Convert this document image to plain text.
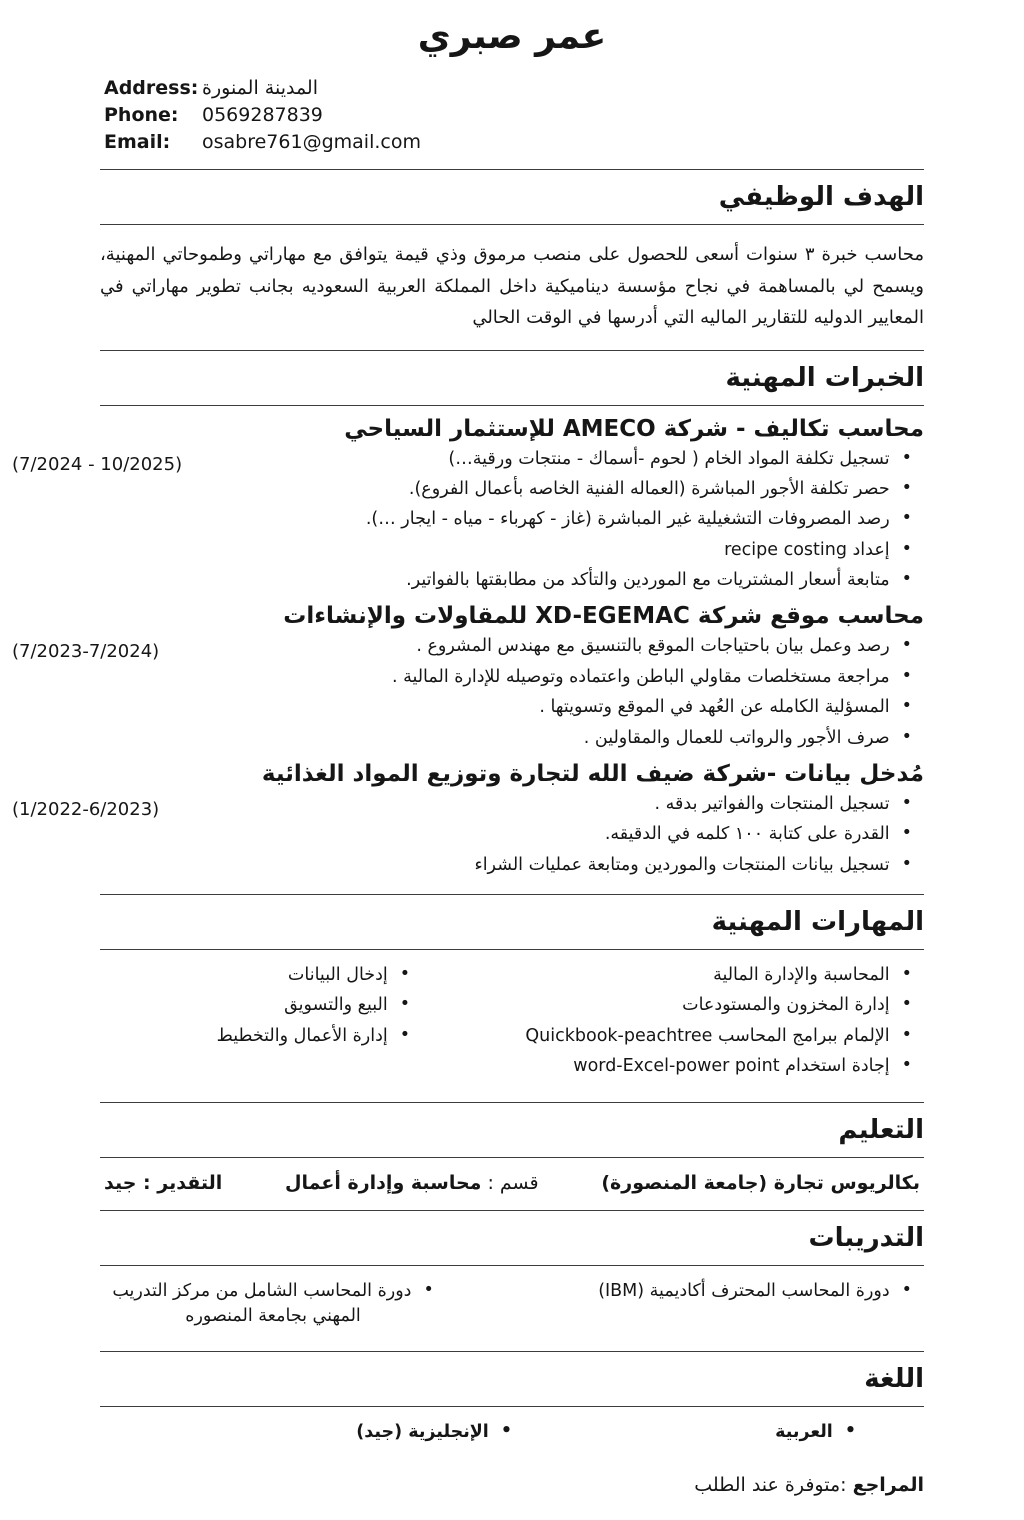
عمر صبري
Address: المدينة المنورة
Phone:	0569287839
Email:	osabre761@gmail.com
الهدف الوظيفي

محاسب خبرة ٣ سنوات أسعى للحصول على منصب مرموق وذي قيمة يتوافق مع مهاراتي وطموحاتي المهنية، ويسمح لي بالمساهمة في نجاح مؤسسة ديناميكية داخل المملكة العربية السعوديه بجانب تطوير مهاراتي في المعايير الدوليه للتقارير الماليه التي أدرسها في الوقت الحالي

الخبرات المهنية
محاسب تكاليف - شركة AMECO للإستثمار السياحي
(7/2024 - 10/2025)	•تسجيل تكلفة المواد الخام ( لحوم -أسماك - منتجات ورقية…)
•حصر تكلفة الأجور المباشرة (العماله الفنية الخاصه بأعمال الفروع).
•رصد المصروفات التشغيلية غير المباشرة (غاز - كهرباء - مياه - ايجار …).
•إعداد recipe costing
•متابعة أسعار المشتريات مع الموردين والتأكد من مطابقتها بالفواتير.
محاسب موقع شركة XD-EGEMAC للمقاولات والإنشاءات
(7/2023-7/2024)	•رصد وعمل بيان باحتياجات الموقع بالتنسيق مع مهندس المشروع .
•مراجعة مستخلصات مقاولي الباطن واعتماده وتوصيله للإدارة المالية .
•المسؤلية الكامله عن العُهد في الموقع وتسويتها .
•صرف الأجور والرواتب للعمال والمقاولين .
مُدخل بيانات -شركة ضيف الله لتجارة وتوزيع المواد الغذائية
(1/2022-6/2023)	•تسجيل المنتجات والفواتير بدقه .
•القدرة على كتابة ١٠٠ كلمه في الدقيقه.
•تسجيل بيانات المنتجات والموردين ومتابعة عمليات الشراء
المهارات المهنية
•المحاسبة والإدارة المالية
•إدارة المخزون والمستودعات
•الإلمام ببرامج المحاسب Quickbook-peachtree
•إجادة استخدام word-Excel-power point
•إدخال البيانات
•البيع والتسويق
•إدارة الأعمال والتخطيط
التعليم
بكالريوس تجارة (جامعة المنصورة)
قسم : محاسبة وإدارة أعمال
التقدير : جيد
التدريبات
•دورة المحاسب المحترف أكاديمية (IBM)
•دورة المحاسب الشامل من مركز التدريب المهني بجامعة المنصوره
اللغة
•العربية
•الإنجليزية (جيد)

المراجع :متوفرة عند الطلب
